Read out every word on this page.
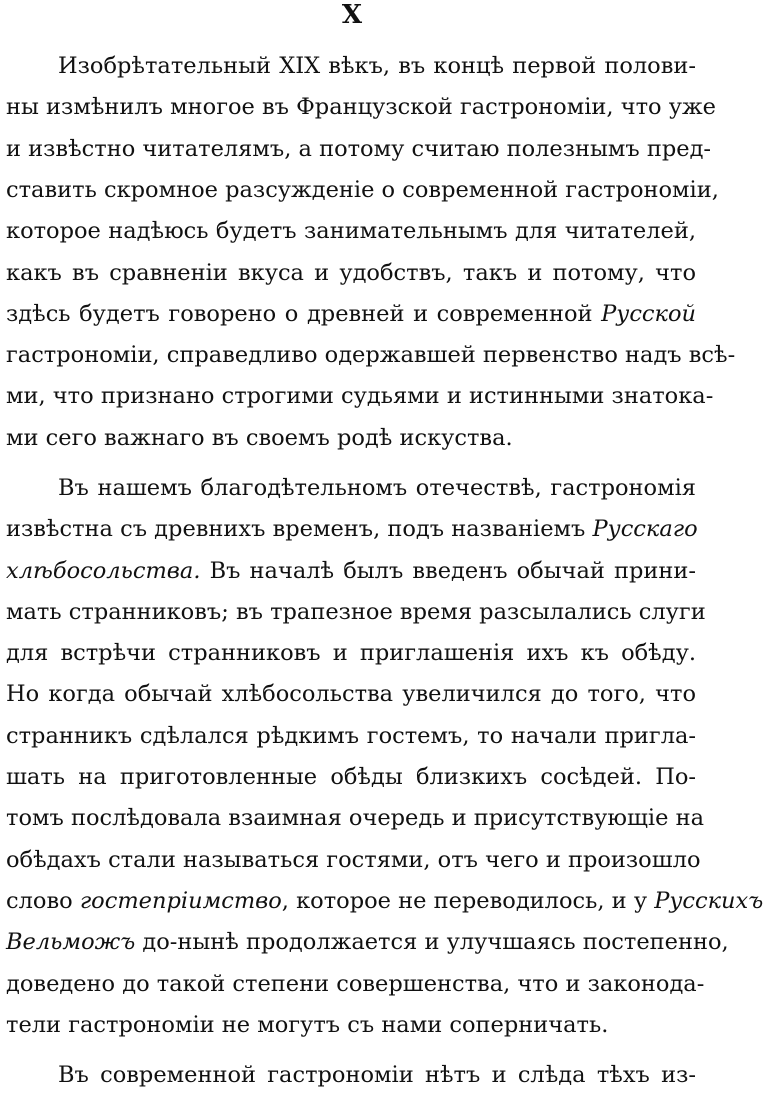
X
Изобрѣтательный XIX вѣкъ, въ концѣ первой полови-
ны измѣнилъ многое въ Французской гастрономіи, что уже
и извѣстно читателямъ, а потому считаю полезнымъ пред-
ставить скромное разсужденіе о современной гастрономіи,
которое надѣюсь будетъ занимательнымъ для читателей,
какъ въ сравненіи вкуса и удобствъ, такъ и потому, что
здѣсь будетъ говорено о древней и современной Русской
гастрономіи, справедливо одержавшей первенство надъ всѣ-
ми, что признано строгими судьями и истинными знатока-
ми сего важнаго въ своемъ родѣ искуства.
Въ нашемъ благодѣтельномъ отечествѣ, гастрономія
извѣстна съ древнихъ временъ, подъ названіемъ Русскаго
хлѣбосольства. Въ началѣ былъ введенъ обычай прини-
мать странниковъ; въ трапезное время разсылались слуги
для встрѣчи странниковъ и приглашенія ихъ къ обѣду.
Но когда обычай хлѣбосольства увеличился до того, что
странникъ сдѣлался рѣдкимъ гостемъ, то начали пригла-
шать на приготовленные обѣды близкихъ сосѣдей. По-
томъ послѣдовала взаимная очередь и присутствующіе на
обѣдахъ стали называться гостями, отъ чего и произошло
слово гостепріимство, которое не переводилось, и у Русскихъ
Вельможъ до-нынѣ продолжается и улучшаясь постепенно,
доведено до такой степени совершенства, что и законода-
тели гастрономіи не могутъ съ нами соперничать.
Въ современной гастрономіи нѣтъ и слѣда тѣхъ из-
